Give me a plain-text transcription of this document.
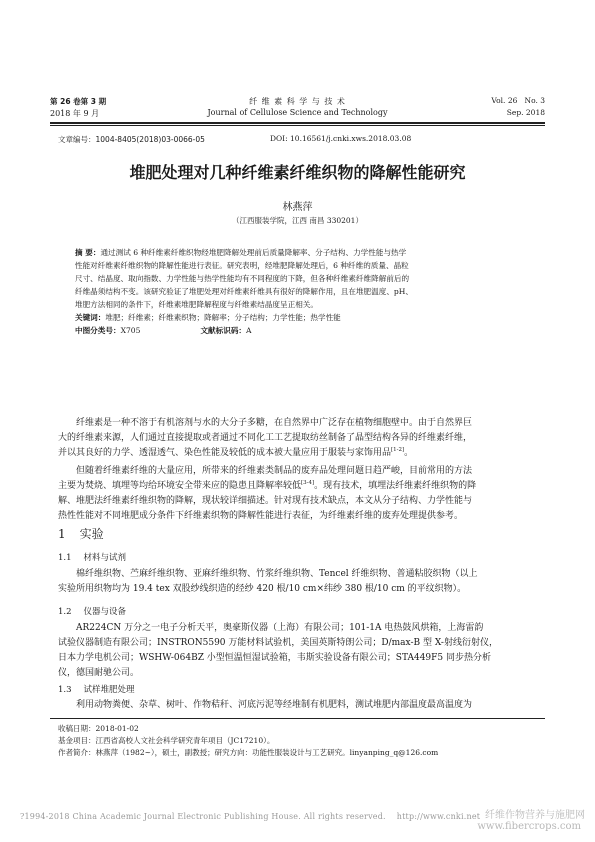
第 26 卷第 3 期
2018 年 9 月
纤 维 素 科 学 与 技 术
Journal of Cellulose Science and Technology
Vol. 26   No. 3
Sep. 2018
文章编号：1004-8405(2018)03-0066-05	DOI: 10.16561/j.cnki.xws.2018.03.08
堆肥处理对几种纤维素纤维织物的降解性能研究
林燕萍
（江西服装学院，江西 南昌 330201）
摘 要：通过测试 6 种纤维素纤维织物经堆肥降解处理前后质量降解率、分子结构、力学性能与热学
性能对纤维素纤维织物的降解性能进行表征。研究表明，经堆肥降解处理后，6 种纤维的质量、晶粒
尺寸、结晶度、取向指数、力学性能与热学性能均有不同程度的下降，但各种纤维素纤维降解前后的
纤维晶须结构不变。该研究验证了堆肥处理对纤维素纤维具有很好的降解作用，且在堆肥温度、pH、
堆肥方法相同的条件下，纤维素堆肥降解程度与纤维素结晶度呈正相关。
关键词：堆肥；纤维素；纤维素织物；降解率；分子结构；力学性能；热学性能
中图分类号：X705	文献标识码：A
纤维素是一种不溶于有机溶剂与水的大分子多糖，在自然界中广泛存在植物细胞壁中。由于自然界巨
大的纤维素来源，人们通过直接提取或者通过不同化工工艺提取纺丝制备了晶型结构各异的纤维素纤维，
并以其良好的力学、透湿透气、染色性能及较低的成本被大量应用于服装与家饰用品[1-2]。
但随着纤维素纤维的大量应用，所带来的纤维素类制品的废弃品处理问题日趋严峻，目前常用的方法
主要为焚烧、填埋等均给环境安全带来应的隐患且降解率较低[3-4]。现有技术，填埋法纤维素纤维织物的降
解、堆肥法纤维素纤维织物的降解，现状较详细描述。针对现有技术缺点，本文从分子结构、力学性能与
热性性能对不同堆肥成分条件下纤维素织物的降解性能进行表征，为纤维素纤维的废弃处理提供参考。
1 实验
1.1 材料与试剂
棉纤维织物、苎麻纤维织物、亚麻纤维织物、竹浆纤维织物、Tencel 纤维织物、普通粘胶织物（以上
实验所用织物均为 19.4 tex 双股纱线织造的经纱 420 根/10 cm×纬纱 380 根/10 cm 的平纹织物）。
1.2 仪器与设备
AR224CN 万分之一电子分析天平，奥豪斯仪器（上海）有限公司；101-1A 电热鼓风烘箱，上海雷韵
试验仪器制造有限公司；INSTRON5590 万能材料试验机，美国英斯特朗公司；D/max-B 型 X-射线衍射仪，
日本力学电机公司；WSHW-064BZ 小型恒温恒湿试验箱，韦斯实验设备有限公司；STA449F5 同步热分析
仪，德国耐驰公司。
1.3 试样堆肥处理
利用动物粪便、杂草、树叶、作物秸秆、河底污泥等经堆制有机肥料，测试堆肥内部温度最高温度为
收稿日期：2018-01-02
基金项目：江西省高校人文社会科学研究青年项目（JC17210）。
作者简介：林燕萍（1982~），硕士，副教授；研究方向：功能性服装设计与工艺研究。linyanping_q@126.com
?1994-2018 China Academic Journal Electronic Publishing House. All rights reserved.    http://www.cnki.net 纤维作物营养与施肥网
www.fibercrops.com
